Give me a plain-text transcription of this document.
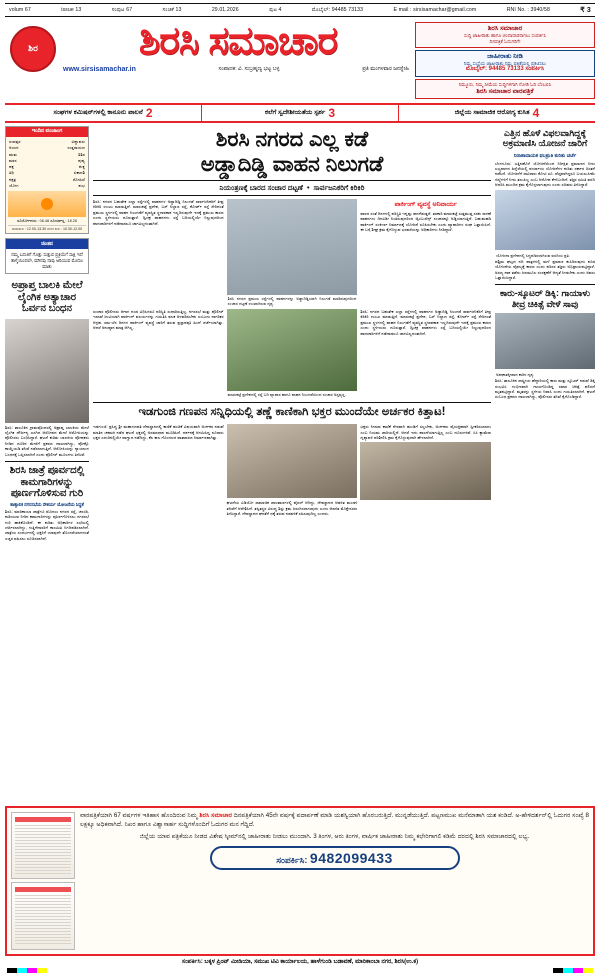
volum 67	issue 13	ಸಂಪುಟ 67	ಸಂಚಿಕೆ 13	29.01.2026	ಪುಟ 4	ಮೊಬೈಲ್: 94485 73133	E mail : sirsisamachar@gmail.com	RNI No. : 3940/58	₹ 3
ಶಿರ	ಶಿರಸಿ ಸಮಾಚಾರ
www.sirsisamachar.in	ಸಂಪಾದಕ: ವಿ. ಸುಬ್ರಹ್ಮಣ್ಯ ಭಟ್ಟ ಬಳ್ಳ	ಪ್ರತಿ ಮಂಗಳವಾರ ಜನಸ್ನೇಹಿ
ಶಿರಸಿ ಸಮಾಚಾರ
ಸುದ್ದಿ ಜಾಹೀರಾತು ಹಾಗೂ ಚಂದಾದಾರರಾಗಲು ಸಂಪರ್ಕಿಸಿ
ದಿನಪತ್ರಿಕೆ ಓದುಗರಿಗೆ!
ಜಾಹೀರಾತು ನೀಡಿ
ನಿಮ್ಮ ಸಂಸ್ಥೆಯ ಜಾಹೀರಾತು ನಮ್ಮ ಪತ್ರಿಕೆಯಲ್ಲಿ ಪ್ರಕಟಿಸಲು
ಮೊಬೈಲ್: 94485 73133 ಸಂಪರ್ಕಿಸಿ
ನಿಮ್ಮೂರು, ನಿಮ್ಮ ಸೀಮೆಯ ಸುದ್ದಿಗಳಿಗಾಗಿ ನೋಡಿ ಓದಿ ಬೆಂಬಲಿಸಿ

ಶಿರಸಿ ಸಮಾಚಾರ ವಾರಪತ್ರಿಕೆ
ಸಂಘಗಳ ಕಮಿಷನ್‌ಗಳಲ್ಲಿ ಕಾನೂನು ಪಾಲನೆ 2	ಕಲೆಗೆ ಸ್ವದೇಶೀಯತೆಯ ಸ್ಪರ್ಶ 3	ಜಿಲ್ಲೆಯ ಸಾಮಾಜಿಕ ಆರೋಗ್ಯ ಕುಸಿತ 4
ಇಂದಿನ ಪಂಚಾಂಗ
ಸಂವತ್ಸರ	ವಿಶ್ವಾವಸು
ಅಯನ	ಉತ್ತರಾಯಣ
ಋತು	ಶಿಶಿರ
ಮಾಸ	ಪುಷ್ಯ
ಪಕ್ಷ	ಶುಕ್ಲ
ತಿಥಿ	ಏಕಾದಶಿ
ನಕ್ಷತ್ರ	ರೋಹಿಣಿ
ಯೋಗ	ಶುಭ
ಸೂರ್ಯೋದಯ : 06.48 ಸೂರ್ಯಾಸ್ತ : 18.26
ರಾಹುಕಾಲ : 12.00-13.30 ಗುಳಿಕ ಕಾಲ : 10.30-12.00
ಚಿಂತನ
ನಮ್ಮ ಬದುಕಿಗೆ ಗೊತ್ತು ಸುತ್ತುವ ಪ್ರಕ್ರಿಯೆಗೆ ಸಾಕ್ಷಿ ಇದೆ ತಾಳ್ಮೆಯಿಂದಲೇ, ಮೌನವು ನಾವು ಅರಿಯುವ ಮೊದಲ ಮಾತು
ಅಪ್ರಾಪ್ತ ಬಾಲಕಿ ಮೇಲೆ ಲೈಂಗಿಕ ಅತ್ಯಾಚಾರ ಓರ್ವನ ಬಂಧನ
ಶಿರಸಿ: ತಾಲೂಕಿನ ಗ್ರಾಮವೊಂದರಲ್ಲಿ ಅಪ್ರಾಪ್ತ ಬಾಲಕಿಯ ಮೇಲೆ ಲೈಂಗಿಕ ದೌರ್ಜನ್ಯ ಎಸಗಿದ ಆರೋಪದ ಮೇಲೆ ಆರೋಪಿಯನ್ನು ಪೊಲೀಸರು ಬಂಧಿಸಿದ್ದಾರೆ. ಘಟನೆ ಕುರಿತು ಬಾಲಕಿಯ ಪೋಷಕರು ನೀಡಿದ ದೂರಿನ ಮೇರೆಗೆ ಪ್ರಕರಣ ದಾಖಲಾಗಿದ್ದು, ಪೋಕ್ಸೊ ಕಾಯ್ದೆಯಡಿ ತನಿಖೆ ನಡೆಸಲಾಗುತ್ತಿದೆ. ಆರೋಪಿಯನ್ನು ನ್ಯಾಯಾಂಗ ಬಂಧನಕ್ಕೆ ಒಪ್ಪಿಸಲಾಗಿದೆ ಎಂದು ಪೊಲೀಸ್ ಮೂಲಗಳು ತಿಳಿಸಿವೆ.
ಶಿರಸಿ ಜಾತ್ರೆ ಪೂರ್ವದಲ್ಲಿ ಕಾಮಗಾರಿಗಳನ್ನು ಪೂರ್ಣಗೊಳಿಸುವ ಗುರಿ
ತಾತ್ಕಾಲಿಕ ನಗರಸಭೆಯ ಸೌಕರ್ಯ ಯೋಜನೆಯ ಸಿದ್ಧತೆ
ಶಿರಸಿ: ಮಾರಿಕಾಂಬಾ ಜಾತ್ರೆಗೂ ಮೊದಲು ನಗರದ ರಸ್ತೆ, ಚರಂಡಿ, ಕುಡಿಯುವ ನೀರಿನ ಕಾಮಗಾರಿಗಳನ್ನು ಪೂರ್ಣಗೊಳಿಸಲು ನಗರಸಭೆ ಗುರಿ ಹಾಕಿಕೊಂಡಿದೆ. ಈ ಕುರಿತು ಅಧಿಕಾರಿಗಳ ಸಭೆಯಲ್ಲಿ ಚರ್ಚಿಸಲಾಗಿದ್ದು, ಗುತ್ತಿಗೆದಾರರಿಗೆ ಕಾಲಮಿತಿ ನಿಗದಿಪಡಿಸಲಾಗಿದೆ. ಜಾತ್ರೆಯ ಸಂದರ್ಭದಲ್ಲಿ ಭಕ್ತರಿಗೆ ಯಾವುದೇ ತೊಂದರೆಯಾಗದಂತೆ ಎಚ್ಚರ ವಹಿಸಲು ಸೂಚಿಸಲಾಗಿದೆ.
ಶಿರಸಿ ನಗರದ ಎಲ್ಲ ಕಡೆ
ಅಡ್ಡಾದಿಡ್ಡಿ ವಾಹನ ನಿಲುಗಡೆ
ನಿಯಂತ್ರಣಕ್ಕೆ ಬಾರದ ಸಂಚಾರ ದಟ್ಟಣೆ  •  ಸಾರ್ವಜನಿಕರಿಗೆ ಕಿರಿಕಿರಿ
ಶಿರಸಿ: ನಗರದ ಬಹುತೇಕ ಎಲ್ಲಾ ರಸ್ತೆಗಳಲ್ಲಿ ವಾಹನಗಳ ಅಡ್ಡಾದಿಡ್ಡಿ ನಿಲುಗಡೆ ಸಾರ್ವಜನಿಕರಿಗೆ ತೀವ್ರ ಕಿರಿಕಿರಿ ಉಂಟು ಮಾಡುತ್ತಿದೆ. ಮಾರುಕಟ್ಟೆ ಪ್ರದೇಶ, ಬಸ್ ನಿಲ್ದಾಣ ರಸ್ತೆ, ಕೋರ್ಟ್ ರಸ್ತೆ ಸೇರಿದಂತೆ ಪ್ರಮುಖ ಸ್ಥಳಗಳಲ್ಲಿ ವಾಹನ ನಿಲುಗಡೆಗೆ ವ್ಯವಸ್ಥಿತ ಸ್ಥಳಾವಕಾಶ ಇಲ್ಲದಿರುವುದೇ ಇದಕ್ಕೆ ಪ್ರಮುಖ ಕಾರಣ ಎಂದು ಸ್ಥಳೀಯರು ದೂರುತ್ತಾರೆ. ದ್ವಿಚಕ್ರ ವಾಹನಗಳು ರಸ್ತೆ ಬದಿಯಲ್ಲಿಯೇ ನಿಲ್ಲುವುದರಿಂದ ಪಾದಚಾರಿಗಳಿಗೆ ನಡೆದಾಡಲೂ ಜಾಗವಿಲ್ಲದಂತಾಗಿದೆ.
ಶಿರಸಿ ನಗರದ ಪ್ರಮುಖ ರಸ್ತೆಗಳಲ್ಲಿ ವಾಹನಗಳನ್ನು ಅಡ್ಡಾದಿಡ್ಡಿಯಾಗಿ ನಿಲುಗಡೆ ಮಾಡಿರುವುದರಿಂದ ಸಂಚಾರ ದಟ್ಟಣೆ ಉಂಟಾಗಿರುವ ದೃಶ್ಯ.
ಪಾರ್ಕಿಂಗ್ ವ್ಯವಸ್ಥೆ ಅನಿವಾರ್ಯ
ವಾರದ ಸಂತೆ ದಿನಗಳಲ್ಲಿ ಪರಿಸ್ಥಿತಿ ಇನ್ನಷ್ಟು ಹದಗೆಡುತ್ತದೆ. ತರಕಾರಿ ಮಾರುಕಟ್ಟೆ ಸುತ್ತಮುತ್ತ ಸರಕು ಸಾಗಣೆ ವಾಹನಗಳು ದಿನವಿಡೀ ನಿಂತಿರುವುದರಿಂದ ಆ್ಯಂಬುಲೆನ್ಸ್ ಸಂಚಾರಕ್ಕೂ ಅಡ್ಡಿಯಾಗುತ್ತಿದೆ. ಬಹುಮಹಡಿ ಪಾರ್ಕಿಂಗ್ ಸಂಕೀರ್ಣ ನಿರ್ಮಾಣಕ್ಕೆ ಯೋಜನೆ ರೂಪಿಸಬೇಕು ಎಂದು ವ್ಯಾಪಾರಿಗಳ ಸಂಘ ಒತ್ತಾಯಿಸಿದೆ. ಈ ಬಗ್ಗೆ ಶೀಘ್ರ ಕ್ರಮ ಕೈಗೊಳ್ಳುವ ಭರವಸೆಯನ್ನು ಅಧಿಕಾರಿಗಳು ನೀಡಿದ್ದಾರೆ.
ಸಂಚಾರ ಪೊಲೀಸರು ಆಗಾಗ ದಂಡ ವಿಧಿಸಿದರೂ ಪರಿಸ್ಥಿತಿ ಸುಧಾರಿಸುತ್ತಿಲ್ಲ. ನಗರಸಭೆ ಮತ್ತು ಪೊಲೀಸ್ ಇಲಾಖೆ ಜಂಟಿಯಾಗಿ ಪಾರ್ಕಿಂಗ್ ವಲಯಗಳನ್ನು ಗುರುತಿಸಿ ಫಲಕ ಅಳವಡಿಸಬೇಕು ಎಂಬುದು ನಾಗರಿಕರ ಆಗ್ರಹ. ಸಮ-ಬೆಸ ದಿನಗಳ ಪಾರ್ಕಿಂಗ್ ವ್ಯವಸ್ಥೆ ಜಾರಿಗೆ ತರುವ ಪ್ರಸ್ತಾಪವೂ ಹಿಂದೆ ಚರ್ಚೆಯಾಗಿತ್ತು. ಆದರೆ ಅನುಷ್ಠಾನ ಮಾತ್ರ ಆಗಿಲ್ಲ.
ಮಾರುಕಟ್ಟೆ ಪ್ರದೇಶದಲ್ಲಿ ರಸ್ತೆ ಬದಿ ವ್ಯಾಪಾರ ಹಾಗೂ ವಾಹನ ನಿಲುಗಡೆಯಿಂದ ಸಂಚಾರ ಅಸ್ತವ್ಯಸ್ತ.
ಶಿರಸಿ: ನಗರದ ಬಹುತೇಕ ಎಲ್ಲಾ ರಸ್ತೆಗಳಲ್ಲಿ ವಾಹನಗಳ ಅಡ್ಡಾದಿಡ್ಡಿ ನಿಲುಗಡೆ ಸಾರ್ವಜನಿಕರಿಗೆ ತೀವ್ರ ಕಿರಿಕಿರಿ ಉಂಟು ಮಾಡುತ್ತಿದೆ. ಮಾರುಕಟ್ಟೆ ಪ್ರದೇಶ, ಬಸ್ ನಿಲ್ದಾಣ ರಸ್ತೆ, ಕೋರ್ಟ್ ರಸ್ತೆ ಸೇರಿದಂತೆ ಪ್ರಮುಖ ಸ್ಥಳಗಳಲ್ಲಿ ವಾಹನ ನಿಲುಗಡೆಗೆ ವ್ಯವಸ್ಥಿತ ಸ್ಥಳಾವಕಾಶ ಇಲ್ಲದಿರುವುದೇ ಇದಕ್ಕೆ ಪ್ರಮುಖ ಕಾರಣ ಎಂದು ಸ್ಥಳೀಯರು ದೂರುತ್ತಾರೆ. ದ್ವಿಚಕ್ರ ವಾಹನಗಳು ರಸ್ತೆ ಬದಿಯಲ್ಲಿಯೇ ನಿಲ್ಲುವುದರಿಂದ ಪಾದಚಾರಿಗಳಿಗೆ ನಡೆದಾಡಲೂ ಜಾಗವಿಲ್ಲದಂತಾಗಿದೆ.
ಇಡಗುಂಜಿ ಗಣಪನ ಸನ್ನಿಧಿಯಲ್ಲಿ ತಣ್ಣೆ ಕಾಣಿಕಾಗಿ ಭಕ್ತರ ಮುಂದೆಯೇ ಅರ್ಚಕರ ಕಿತ್ತಾಟ!
ಇಡಗುಂಜಿ: ಪ್ರಸಿದ್ಧ ಶ್ರೀ ಮಹಾಗಣಪತಿ ದೇವಸ್ಥಾನದಲ್ಲಿ ಕಾಣಿಕೆ ಹಂಚಿಕೆ ವಿಷಯವಾಗಿ ಅರ್ಚಕರ ನಡುವೆ ಮಾತಿನ ಚಕಮಕಿ ನಡೆದ ಘಟನೆ ಭಕ್ತರಲ್ಲಿ ಅಸಮಾಧಾನ ಮೂಡಿಸಿದೆ. ದರ್ಶನಕ್ಕೆ ಆಗಮಿಸಿದ್ದ ನೂರಾರು ಭಕ್ತರ ಎದುರಿನಲ್ಲಿಯೇ ವಾಗ್ವಾದ ನಡೆದಿದ್ದು, ಕೆಲ ಕಾಲ ಗೊಂದಲದ ವಾತಾವರಣ ನಿರ್ಮಾಣವಾಗಿತ್ತು.
ಘಟನೆಯ ವಿಡಿಯೋ ಸಾಮಾಜಿಕ ಜಾಲತಾಣಗಳಲ್ಲಿ ವೈರಲ್ ಆಗಿದ್ದು, ದೇವಸ್ಥಾನದ ಆಡಳಿತ ಮಂಡಳಿ ತನಿಖೆಗೆ ಆದೇಶಿಸಿದೆ. ತಪ್ಪಿತಸ್ಥರ ವಿರುದ್ಧ ಶಿಸ್ತು ಕ್ರಮ ಜರುಗಿಸಲಾಗುವುದು ಎಂದು ಆಡಳಿತ ಮೊಕ್ತೇಸರರು ತಿಳಿಸಿದ್ದಾರೆ. ದೇವಸ್ಥಾನದ ಘನತೆಗೆ ಧಕ್ಕೆ ತರುವ ನಡವಳಿಕೆ ಸಹಿಸುವುದಿಲ್ಲ ಎಂದರು.
ಭಕ್ತರು ನೀಡುವ ಕಾಣಿಕೆ ನೇರವಾಗಿ ಹುಂಡಿಗೆ ಸಲ್ಲಬೇಕು, ಅರ್ಚಕರು ವೈಯಕ್ತಿಕವಾಗಿ ಸ್ವೀಕರಿಸಬಾರದು ಎಂಬ ನಿಯಮ ಜಾರಿಯಲ್ಲಿದೆ. ಆದರೆ ಇದು ಪಾಲನೆಯಾಗುತ್ತಿಲ್ಲ ಎಂಬ ದೂರುಗಳಿವೆ. ಸಿಸಿ ಕ್ಯಾಮೆರಾ ದೃಶ್ಯಾವಳಿ ಪರಿಶೀಲಿಸಿ ಕ್ರಮ ಕೈಗೊಳ್ಳುವುದಾಗಿ ಹೇಳಲಾಗಿದೆ.
ಎತ್ತಿನ ಹೊಳೆ ವಿಫಲವಾಗಿದ್ದಕ್ಕೆ ಅಕ್ರಮಾಣಿಸಿ ಯೋಜನೆ ಜಾರಿಗೆ
ನಿರಾಶಾದಾಯಕ ಫಲಶ್ರುತಿ ಕುರಿತು ಚರ್ಚೆ
ಬೆಂಗಳೂರು: ಎತ್ತಿನಹೊಳೆ ಯೋಜನೆಯಿಂದ ನಿರೀಕ್ಷಿತ ಪ್ರಮಾಣದ ನೀರು ಲಭ್ಯವಾಗದ ಹಿನ್ನೆಲೆಯಲ್ಲಿ ಪರ್ಯಾಯ ಯೋಜನೆಗಳ ಕುರಿತು ಸರ್ಕಾರ ಚಿಂತನೆ ನಡೆಸಿದೆ. ಯೋಜನೆಗೆ ಸಾವಿರಾರು ಕೋಟಿ ರೂ. ವೆಚ್ಚವಾಗಿದ್ದರೂ ಬಯಲುಸೀಮೆ ಜಿಲ್ಲೆಗಳಿಗೆ ನೀರು ತಲುಪಿಲ್ಲ ಎಂಬ ಆರೋಪ ಕೇಳಿಬಂದಿದೆ. ತಜ್ಞರ ಸಮಿತಿ ವರದಿ ಆಧರಿಸಿ ಮುಂದಿನ ಕ್ರಮ ಕೈಗೊಳ್ಳಲಾಗುವುದು ಎಂದು ಸಚಿವರು ತಿಳಿಸಿದ್ದಾರೆ.
ಯೋಜನಾ ಪ್ರದೇಶದಲ್ಲಿ ಸಿದ್ಧಪಡಿಸಲಾಗಿರುವ ವರದಿಯ ಪ್ರತಿ.
ಪಶ್ಚಿಮ ಘಟ್ಟದ ನದಿ ಪಾತ್ರಗಳಲ್ಲಿ ಮಳೆ ಪ್ರಮಾಣ ಕುಸಿದಿರುವುದು ಕೂಡ ಯೋಜನೆಯ ವೈಫಲ್ಯಕ್ಕೆ ಕಾರಣ ಎಂದು ಪರಿಸರ ತಜ್ಞರು ಅಭಿಪ್ರಾಯಪಟ್ಟಿದ್ದಾರೆ. ಅರಣ್ಯ ನಾಶ ತಡೆದು ಜಲಮೂಲ ಸಂರಕ್ಷಣೆಗೆ ಆದ್ಯತೆ ನೀಡಬೇಕು ಎಂದು ಅವರು ಒತ್ತಾಯಿಸಿದ್ದಾರೆ.
ಕಾರು-ಸ್ಕೂಟರ್ ಡಿಕ್ಕಿ: ಗಾಯಾಳು ತೀವ್ರ ಚಿಕಿತ್ಸೆ ವೇಳೆ ಸಾವು
ಅಪಘಾತಕ್ಕೀಡಾದ ಕಾರಿನ ದೃಶ್ಯ.
ಶಿರಸಿ: ತಾಲೂಕಿನ ರಾಷ್ಟ್ರೀಯ ಹೆದ್ದಾರಿಯಲ್ಲಿ ಕಾರು ಮತ್ತು ಸ್ಕೂಟರ್ ನಡುವೆ ಡಿಕ್ಕಿ ಸಂಭವಿಸಿ ಗಂಭೀರವಾಗಿ ಗಾಯಗೊಂಡಿದ್ದ ಸವಾರ ಚಿಕಿತ್ಸೆ ಫಲಿಸದೆ ಮೃತಪಟ್ಟಿದ್ದಾರೆ. ಮೃತರನ್ನು ಸ್ಥಳೀಯ ನಿವಾಸಿ ಎಂದು ಗುರುತಿಸಲಾಗಿದೆ. ಘಟನೆ ಸಂಬಂಧ ಪ್ರಕರಣ ದಾಖಲಾಗಿದ್ದು, ಪೊಲೀಸರು ತನಿಖೆ ಕೈಗೊಂಡಿದ್ದಾರೆ.
ವಾರಪತ್ರಿಕೆಯಾಗಿ 67 ವರ್ಷಗಳ ಇತಿಹಾಸ ಹೊಂದಿರುವ ನಿಮ್ಮ ಶಿರಸಿ ಸಮಾಚಾರ ದಿನಪತ್ರಿಕೆಯಾಗಿ 45ನೇ ವರ್ಷಕ್ಕೆ ಪದಾರ್ಪಣೆ ಮಾಡಿ ಯಶಸ್ವಿಯಾಗಿ ಹೊರಬರುತ್ತಿದೆ. ಮುನ್ನಡೆಯುತ್ತಿದೆ. ಪಟ್ಟಣಮುಖ ಮನೆಮಾತಾಗಿ ಯಶ ಕಂಡಿದೆ. ಅ-ಹೇಳಿದರ್ಶನ್‌ಲ್ಲಿ ಓದುಗರ ಸಂಖ್ಯೆ 8 ಲಕ್ಷಕ್ಕೂ ಅಧಿಕವಾಗಿದೆ. ನಿಖರ ಹಾಗೂ ವಿಶ್ವಾಸಾರ್ಹ ಸುದ್ದಿಗಳೊಂದಿಗೆ ಓದುಗರ ಮನ ಗೆದ್ದಿದೆ.
ಜಿಲ್ಲೆಯ ಯಾವ ಪತ್ರಿಕೆಯೂ ನೀಡದ ವಿಶೇಷ ಸ್ಕೀಮ್‌ನಲ್ಲಿ ಜಾಹೀರಾತು ನೀಡಲು ಮುಂದಾಗಿ. 3 ತಿಂಗಳ, ಆರು ತಿಂಗಳ, ವಾರ್ಷಿಕ ಜಾಹೀರಾತು ನಿಮ್ಮ ಕಛೇರಿಗಾಗಲಿ ಕಡಿಮೆ ದರದಲ್ಲಿ ಶಿರಸಿ ಸಮಾಚಾರದಲ್ಲಿ ಲಭ್ಯ.
ಸಂಪರ್ಕಿಸಿ: 9482099433
ಸಂಪರ್ಕಿಸಿ: ಬಕ್ಕಳ ಪ್ರಿಂಟ್ ಮೀಡಿಯಾ, ಸಮುಖ ಟಿವಿ ಕಾರ್ಯಾಲಯ, ಹಾಳೆಗುಂಡಿ ಬಡಾವಣೆ, ಮಾರಿಕಾಂಬಾ ನಗರ, ಶಿರಸಿ(ಉ.ಕ)
